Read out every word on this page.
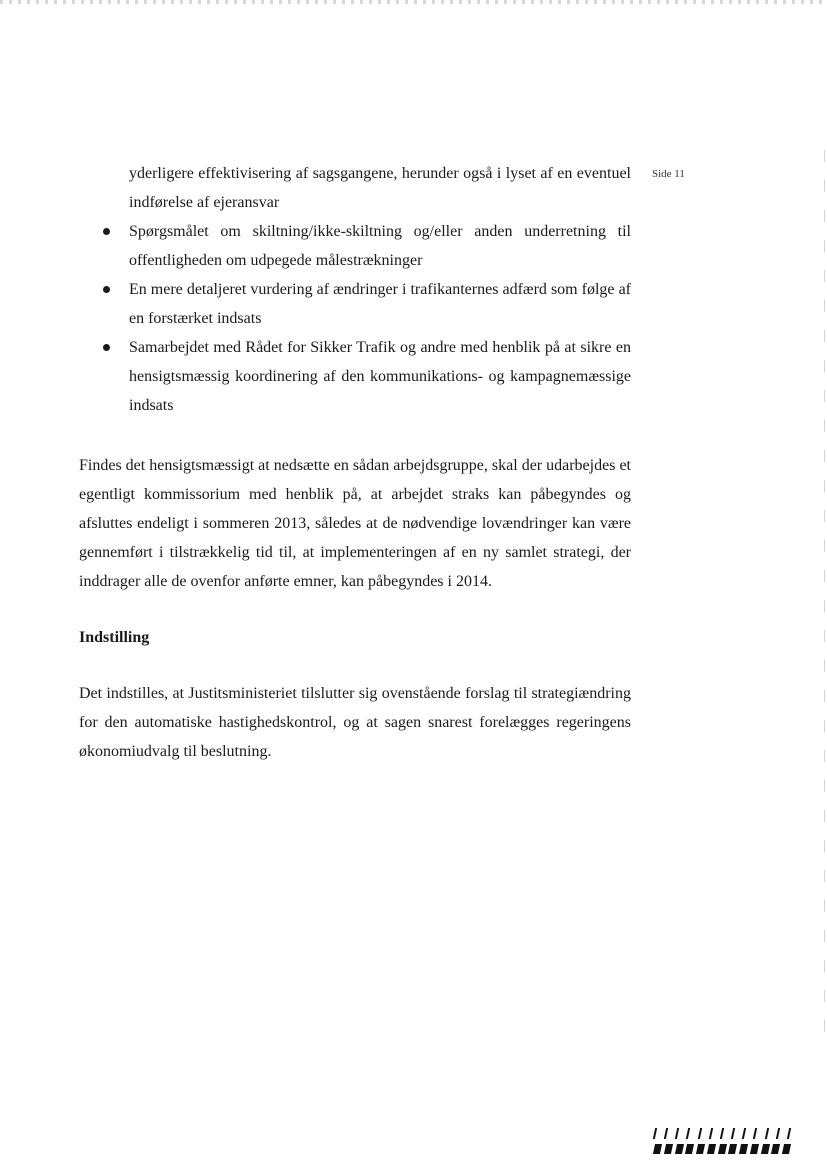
Side 11
yderligere effektivisering af sagsgangene, herunder også i lyset af en eventuel indførelse af ejeransvar
Spørgsmålet om skiltning/ikke-skiltning og/eller anden underretning til offentligheden om udpegede målestrækninger
En mere detaljeret vurdering af ændringer i trafikanternes adfærd som følge af en forstærket indsats
Samarbejdet med Rådet for Sikker Trafik og andre med henblik på at sikre en hensigtsmæssig koordinering af den kommunikations- og kampagnemæssige indsats

Findes det hensigtsmæssigt at nedsætte en sådan arbejdsgruppe, skal der udarbejdes et egentligt kommissorium med henblik på, at arbejdet straks kan påbegyndes og afsluttes endeligt i sommeren 2013, således at de nødvendige lovændringer kan være gennemført i tilstrækkelig tid til, at implementeringen af en ny samlet strategi, der inddrager alle de ovenfor anførte emner, kan påbegyndes i 2014.

Indstilling

Det indstilles, at Justitsministeriet tilslutter sig ovenstående forslag til strategiændring for den automatiske hastighedskontrol, og at sagen snarest forelægges regeringens økonomiudvalg til beslutning.
